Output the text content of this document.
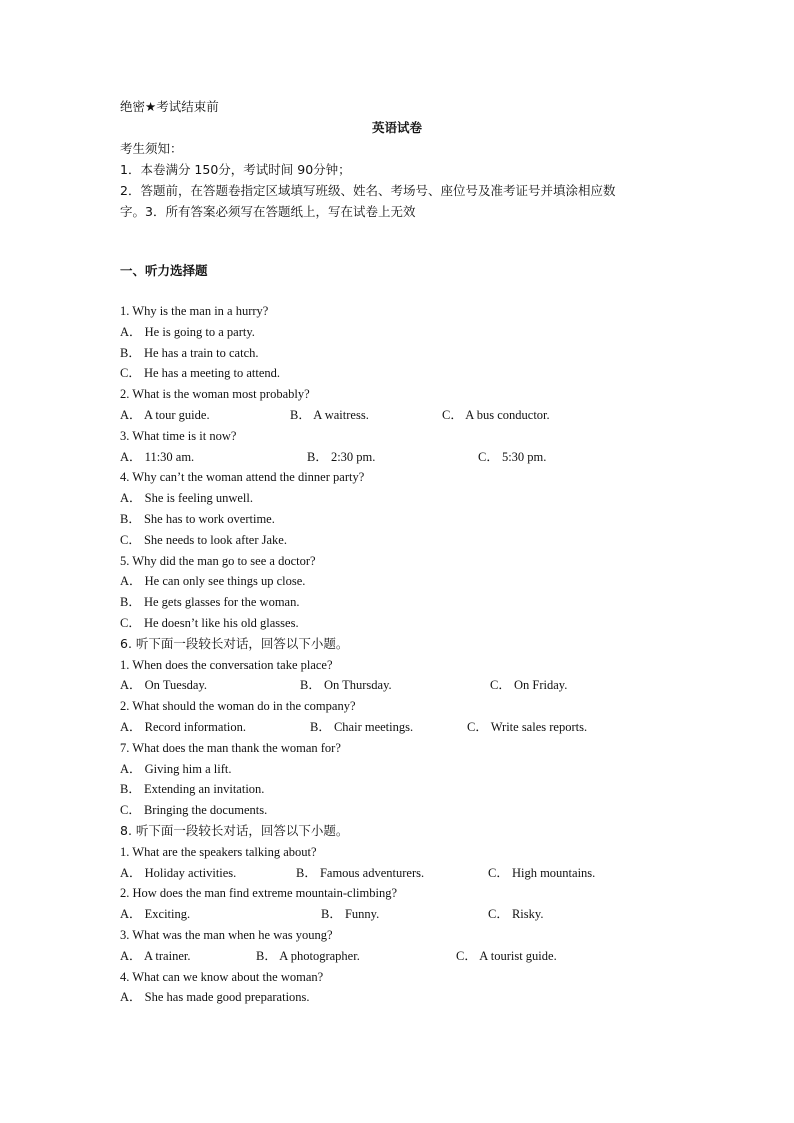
绝密★考试结束前
英语试卷
考生须知：
1．本卷满分 150分，考试时间 90分钟；
2．答题前，在答题卷指定区域填写班级、姓名、考场号、座位号及准考证号并填涂相应数
字。3．所有答案必须写在答题纸上，写在试卷上无效
一、听力选择题
1. Why is the man in a hurry?
A． He is going to a party.
B． He has a train to catch.
C． He has a meeting to attend.
2. What is the woman most probably?
A． A tour guide.	B． A waitress.	C． A bus conductor.
3. What time is it now?
A． 11:30 am.	B． 2:30 pm.	C． 5:30 pm.
4. Why can’t the woman attend the dinner party?
A． She is feeling unwell.
B． She has to work overtime.
C． She needs to look after Jake.
5. Why did the man go to see a doctor?
A． He can only see things up close.
B． He gets glasses for the woman.
C． He doesn’t like his old glasses.
6. 听下面一段较长对话，回答以下小题。
1. When does the conversation take place?
A． On Tuesday.	B． On Thursday.	C． On Friday.
2. What should the woman do in the company?
A． Record information.	B． Chair meetings.	C． Write sales reports.
7. What does the man thank the woman for?
A． Giving him a lift.
B． Extending an invitation.
C． Bringing the documents.
8. 听下面一段较长对话，回答以下小题。
1. What are the speakers talking about?
A． Holiday activities.	B． Famous adventurers.	C． High mountains.
2. How does the man find extreme mountain-climbing?
A． Exciting.	B． Funny.	C． Risky.
3. What was the man when he was young?
A． A trainer.	B． A photographer.	C． A tourist guide.
4. What can we know about the woman?
A． She has made good preparations.
